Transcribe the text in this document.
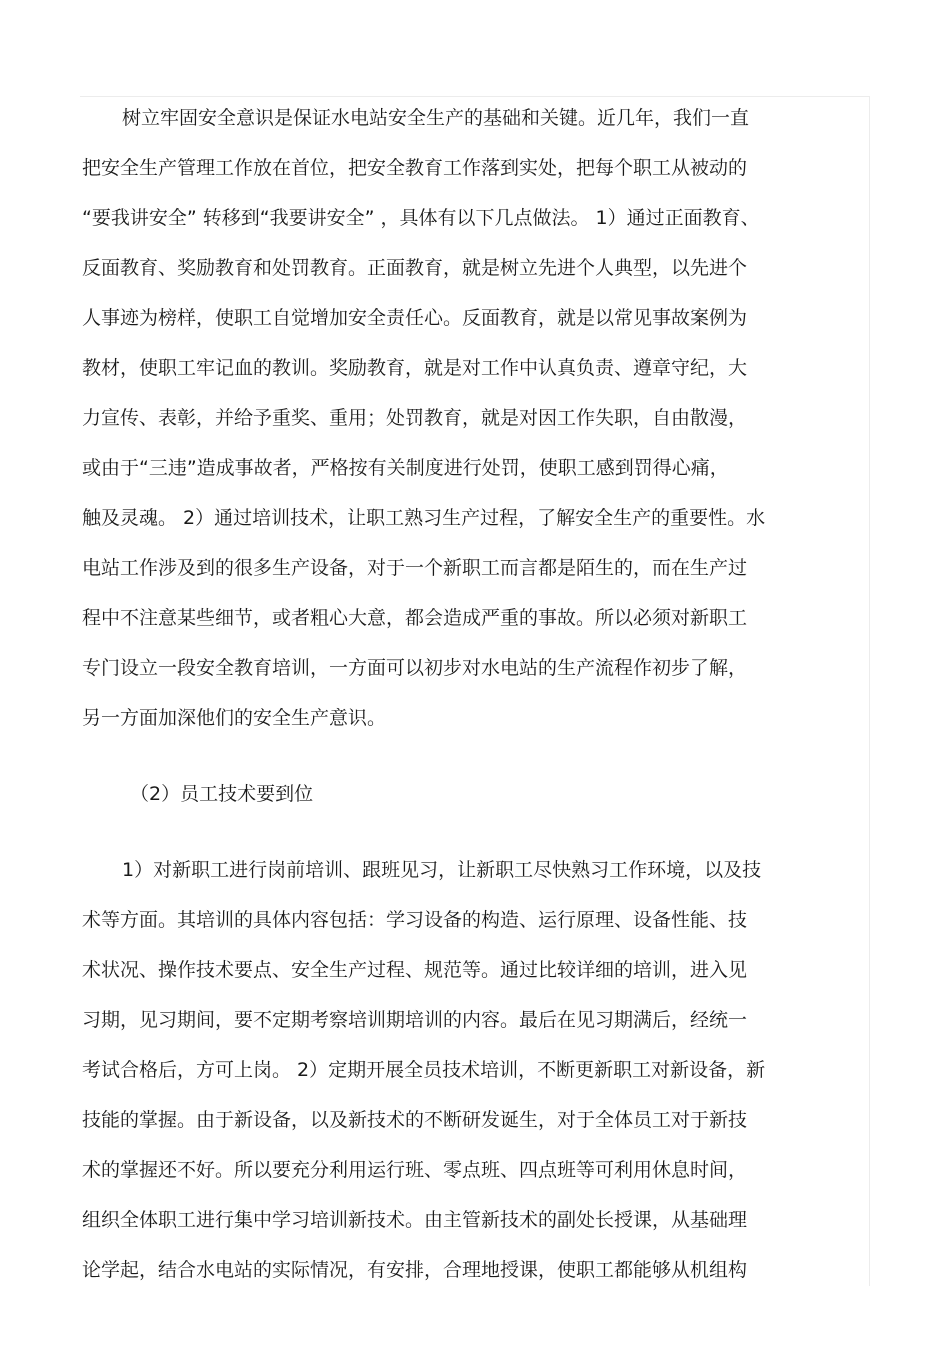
树立牢固安全意识是保证水电站安全生产的基础和关键。近几年，我们一直
把安全生产管理工作放在首位，把安全教育工作落到实处，把每个职工从被动的
“要我讲安全” 转移到“我要讲安全” ，具体有以下几点做法。 1）通过正面教育、
反面教育、奖励教育和处罚教育。正面教育，就是树立先进个人典型，以先进个
人事迹为榜样，使职工自觉增加安全责任心。反面教育，就是以常见事故案例为
教材，使职工牢记血的教训。奖励教育，就是对工作中认真负责、遵章守纪，大
力宣传、表彰，并给予重奖、重用；处罚教育，就是对因工作失职，自由散漫，
或由于“三违”造成事故者，严格按有关制度进行处罚，使职工感到罚得心痛，
触及灵魂。 2）通过培训技术，让职工熟习生产过程，了解安全生产的重要性。水
电站工作涉及到的很多生产设备，对于一个新职工而言都是陌生的，而在生产过
程中不注意某些细节，或者粗心大意，都会造成严重的事故。所以必须对新职工
专门设立一段安全教育培训，一方面可以初步对水电站的生产流程作初步了解，
另一方面加深他们的安全生产意识。
（2）员工技术要到位
1）对新职工进行岗前培训、跟班见习，让新职工尽快熟习工作环境，以及技
术等方面。其培训的具体内容包括：学习设备的构造、运行原理、设备性能、技
术状况、操作技术要点、安全生产过程、规范等。通过比较详细的培训，进入见
习期，见习期间，要不定期考察培训期培训的内容。最后在见习期满后，经统一
考试合格后，方可上岗。 2）定期开展全员技术培训，不断更新职工对新设备，新
技能的掌握。由于新设备，以及新技术的不断研发诞生，对于全体员工对于新技
术的掌握还不好。所以要充分利用运行班、零点班、四点班等可利用休息时间，
组织全体职工进行集中学习培训新技术。由主管新技术的副处长授课，从基础理
论学起，结合水电站的实际情况，有安排，合理地授课，使职工都能够从机组构
